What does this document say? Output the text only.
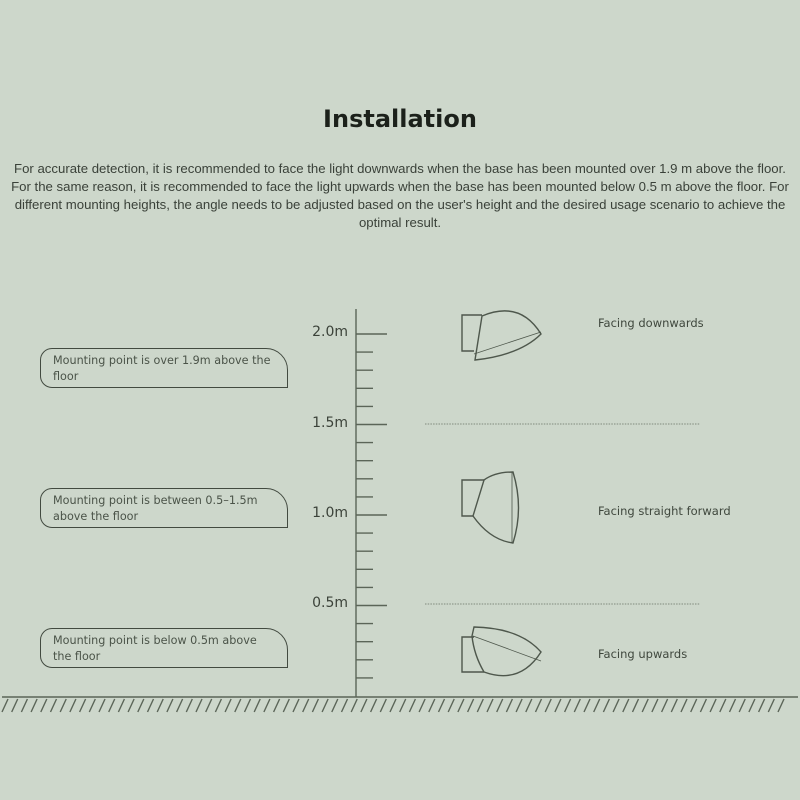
Installation
For accurate detection, it is recommended to face the light downwards when the base has been mounted over 1.9 m above the floor. For the same reason, it is recommended to face the light upwards when the base has been mounted below 0.5 m above the floor. For different mounting heights, the angle needs to be adjusted based on the user's height and the desired usage scenario to achieve the optimal result.
Mounting point is over 1.9m above the floor
Mounting point is between 0.5–1.5m above the floor
Mounting point is below 0.5m above the floor
2.0m
1.5m
1.0m
0.5m
Facing downwards
Facing straight forward
Facing upwards
